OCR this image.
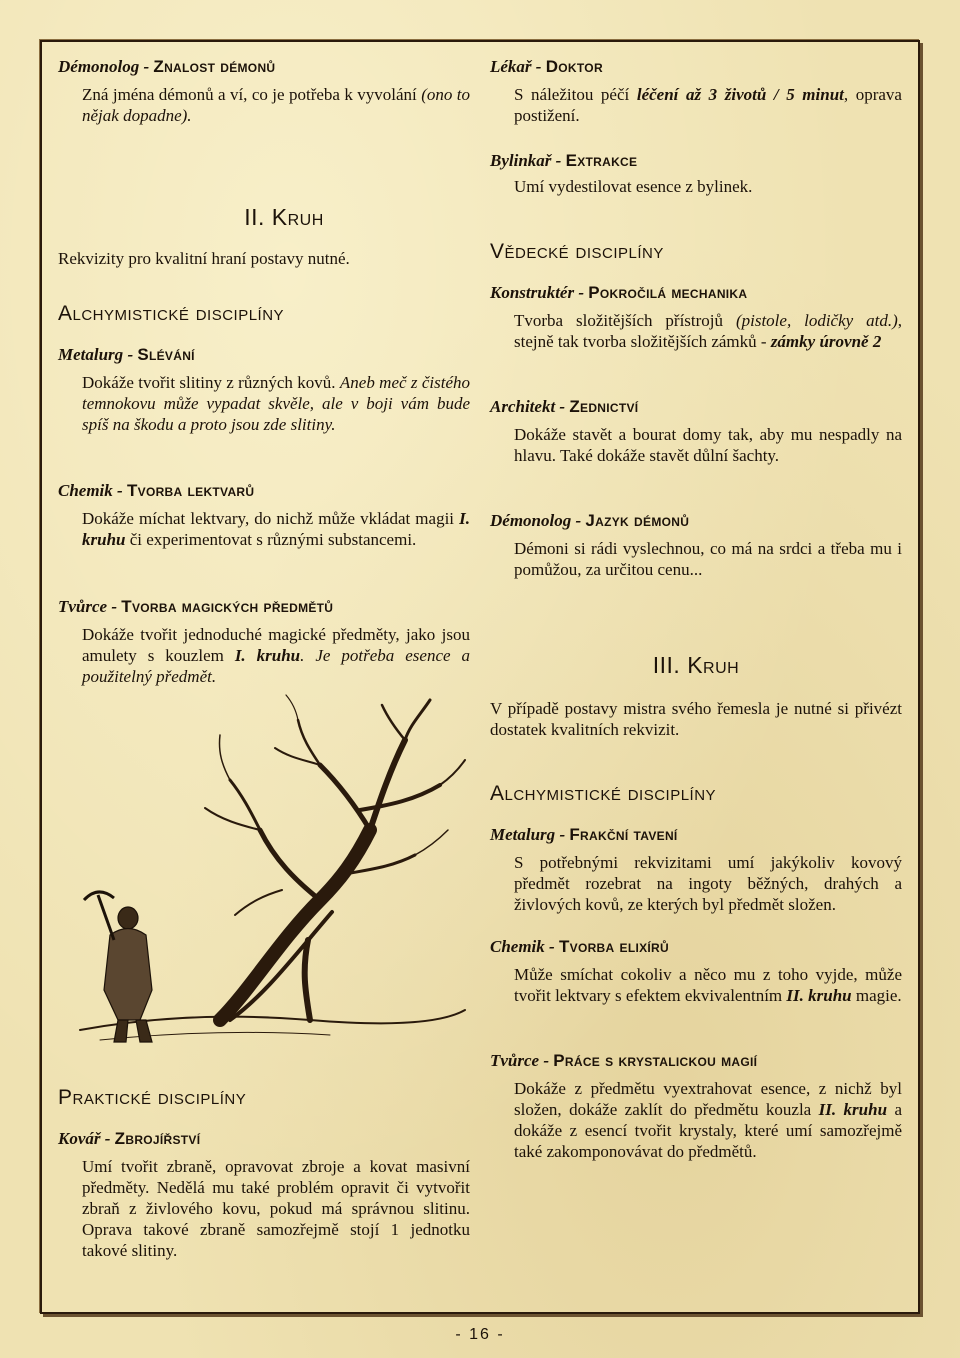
Démonolog - Znalost démonů
Zná jména démonů a ví, co je potřeba k vyvolání (ono to nějak dopadne).
II. Kruh
Rekvizity pro kvalitní hraní postavy nutné.
Alchymistické disciplíny
Metalurg - Slévání
Dokáže tvořit slitiny z různých kovů. Aneb meč z čistého temnokovu může vypadat skvěle, ale v boji vám bude spíš na škodu a proto jsou zde slitiny.
Chemik - Tvorba lektvarů
Dokáže míchat lektvary, do nichž může vkládat magii I. kruhu či experimentovat s různými substancemi.
Tvůrce - Tvorba magických předmětů
Dokáže tvořit jednoduché magické předměty, jako jsou amulety s kouzlem I. kruhu. Je potřeba esence a použitelný předmět.
Praktické disciplíny
Kovář - Zbrojířství
Umí tvořit zbraně, opravovat zbroje a kovat masivní předměty. Nedělá mu také problém opravit či vytvořit zbraň z živlového kovu, pokud má správnou slitinu. Oprava takové zbraně samozřejmě stojí 1 jednotku takové slitiny.
Lékař - Doktor
S náležitou péčí léčení až 3 životů / 5 minut, oprava postižení.
Bylinkař - Extrakce
Umí vydestilovat esence z bylinek.
Vědecké disciplíny
Konstruktér - Pokročilá mechanika
Tvorba složitějších přístrojů (pistole, lodičky atd.), stejně tak tvorba složitějších zámků - zámky úrovně 2
Architekt - Zednictví
Dokáže stavět a bourat domy tak, aby mu nespadly na hlavu. Také dokáže stavět důlní šachty.
Démonolog - Jazyk démonů
Démoni si rádi vyslechnou, co má na srdci a třeba mu i pomůžou, za určitou cenu...
III. Kruh
V případě postavy mistra svého řemesla je nutné si přivézt dostatek kvalitních rekvizit.
Alchymistické disciplíny
Metalurg - Frakční tavení
S potřebnými rekvizitami umí jakýkoliv kovový předmět rozebrat na ingoty běžných, drahých a živlových kovů, ze kterých byl předmět složen.
Chemik - Tvorba elixírů
Může smíchat cokoliv a něco mu z toho vyjde, může tvořit lektvary s efektem ekvivalentním II. kruhu magie.
Tvůrce - Práce s krystalickou magií
Dokáže z předmětu vyextrahovat esence, z nichž byl složen, dokáže zaklít do předmětu kouzla II. kruhu a dokáže z esencí tvořit krystaly, které umí samozřejmě také zakomponovávat do předmětů.
- 16 -
